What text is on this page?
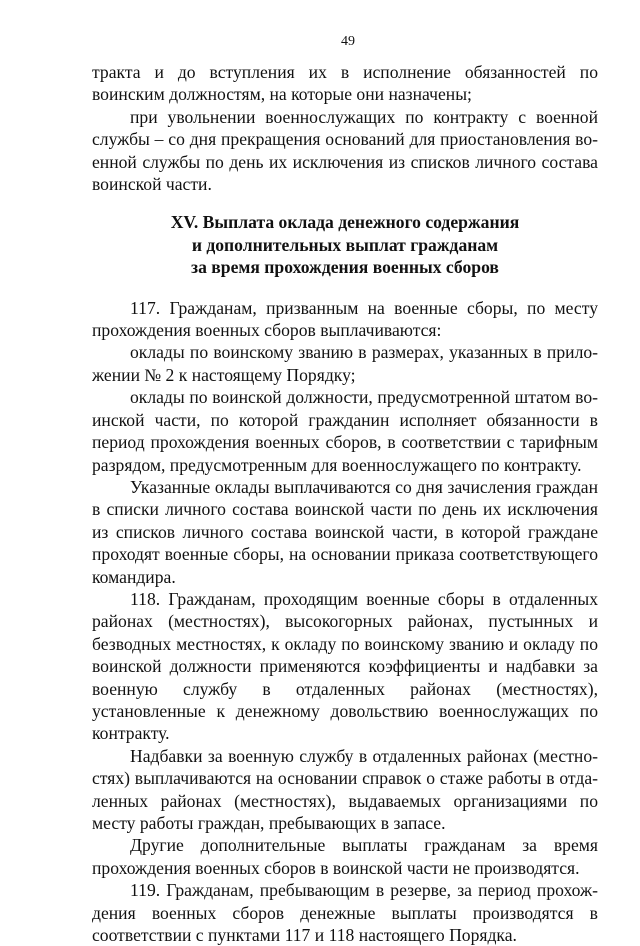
49

тракта и до вступления их в исполнение обязанностей по воинским должностям, на которые они назначены;

при увольнении военнослужащих по контракту с военной службы – со дня прекращения оснований для приостановления военной службы по день их исключения из списков личного состава воинской части.

XV. Выплата оклада денежного содержания
и дополнительных выплат гражданам
за время прохождения военных сборов

117. Гражданам, призванным на военные сборы, по месту прохождения военных сборов выплачиваются:

оклады по воинскому званию в размерах, указанных в приложении № 2 к настоящему Порядку;

оклады по воинской должности, предусмотренной штатом воинской части, по которой гражданин исполняет обязанности в период прохождения военных сборов, в соответствии с тарифным разрядом, предусмотренным для военнослужащего по контракту.

Указанные оклады выплачиваются со дня зачисления граждан в списки личного состава воинской части по день их исключения из списков личного состава воинской части, в которой граждане проходят военные сборы, на основании приказа соответствующего командира.

118. Гражданам, проходящим военные сборы в отдаленных районах (местностях), высокогорных районах, пустынных и безводных местностях, к окладу по воинскому званию и окладу по воинской должности применяются коэффициенты и надбавки за военную службу в отдаленных районах (местностях), установленные к денежному довольствию военнослужащих по контракту.

Надбавки за военную службу в отдаленных районах (местностях) выплачиваются на основании справок о стаже работы в отдаленных районах (местностях), выдаваемых организациями по месту работы граждан, пребывающих в запасе.

Другие дополнительные выплаты гражданам за время прохождения военных сборов в воинской части не производятся.

119. Гражданам, пребывающим в резерве, за период прохождения военных сборов денежные выплаты производятся в соответствии с пунктами 117 и 118 настоящего Порядка.
